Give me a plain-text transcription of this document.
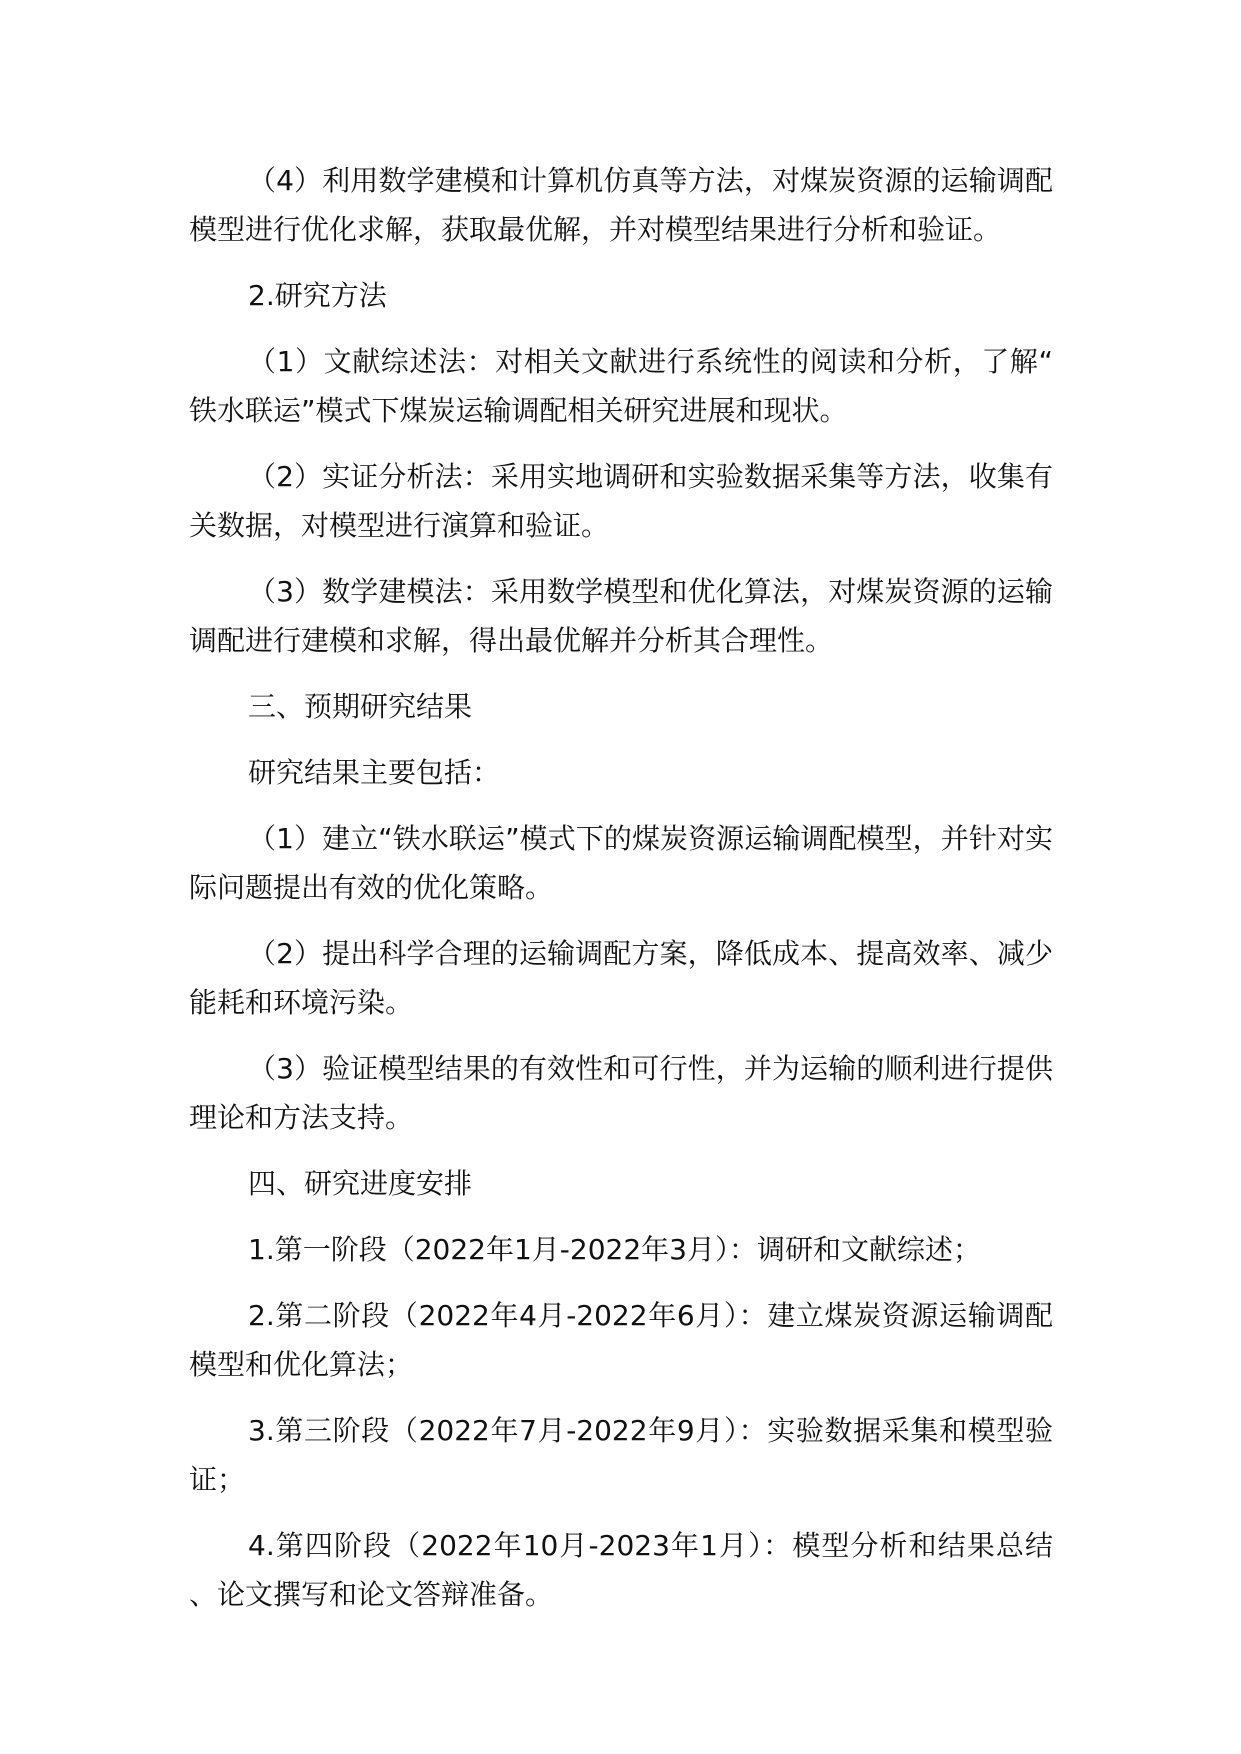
（4）利用数学建模和计算机仿真等方法，对煤炭资源的运输调配模型进行优化求解，获取最优解，并对模型结果进行分析和验证。

2.研究方法

（1）文献综述法：对相关文献进行系统性的阅读和分析，了解“铁水联运”模式下煤炭运输调配相关研究进展和现状。

（2）实证分析法：采用实地调研和实验数据采集等方法，收集有关数据，对模型进行演算和验证。

（3）数学建模法：采用数学模型和优化算法，对煤炭资源的运输调配进行建模和求解，得出最优解并分析其合理性。

三、预期研究结果

研究结果主要包括：

（1）建立“铁水联运”模式下的煤炭资源运输调配模型，并针对实际问题提出有效的优化策略。

（2）提出科学合理的运输调配方案，降低成本、提高效率、减少能耗和环境污染。

（3）验证模型结果的有效性和可行性，并为运输的顺利进行提供理论和方法支持。

四、研究进度安排

1.第一阶段（2022年1月-2022年3月）：调研和文献综述；

2.第二阶段（2022年4月-2022年6月）：建立煤炭资源运输调配模型和优化算法；

3.第三阶段（2022年7月-2022年9月）：实验数据采集和模型验证；

4.第四阶段（2022年10月-2023年1月）：模型分析和结果总结、论文撰写和论文答辩准备。
